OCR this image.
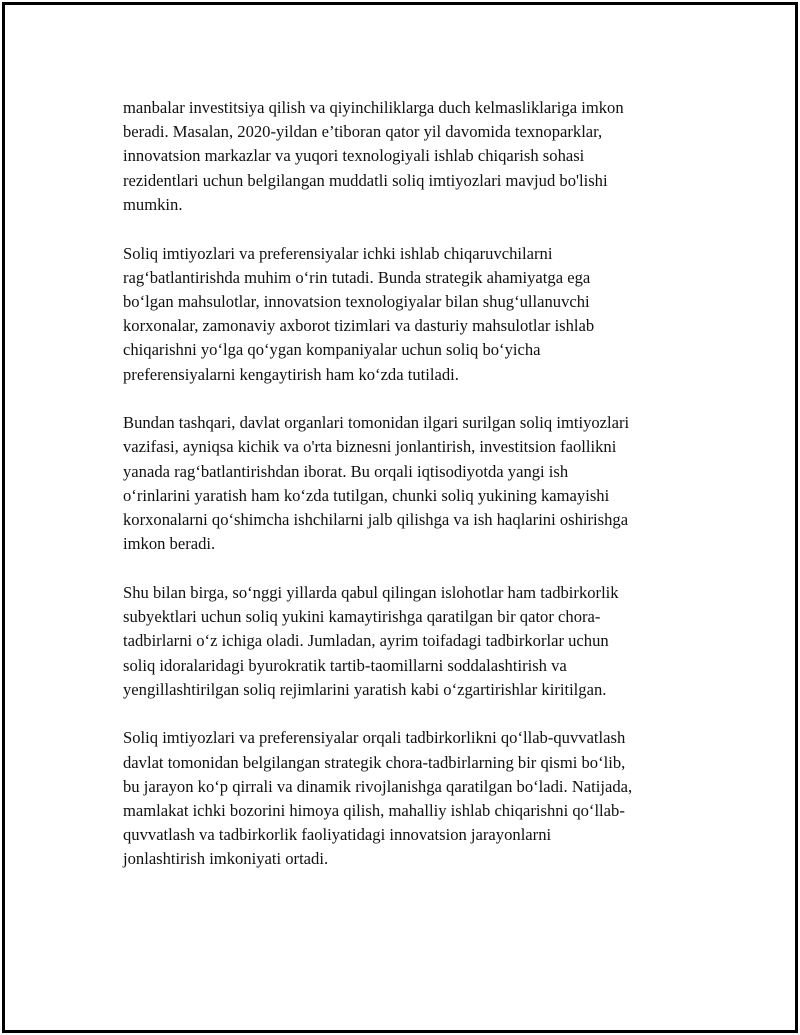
manbalar investitsiya qilish va qiyinchiliklarga duch kelmasliklariga imkon
beradi. Masalan, 2020-yildan e’tiboran qator yil davomida texnoparklar,
innovatsion markazlar va yuqori texnologiyali ishlab chiqarish sohasi
rezidentlari uchun belgilangan muddatli soliq imtiyozlari mavjud bo'lishi
mumkin.

Soliq imtiyozlari va preferensiyalar ichki ishlab chiqaruvchilarni
rag‘batlantirishda muhim o‘rin tutadi. Bunda strategik ahamiyatga ega
bo‘lgan mahsulotlar, innovatsion texnologiyalar bilan shug‘ullanuvchi
korxonalar, zamonaviy axborot tizimlari va dasturiy mahsulotlar ishlab
chiqarishni yo‘lga qo‘ygan kompaniyalar uchun soliq bo‘yicha
preferensiyalarni kengaytirish ham ko‘zda tutiladi.

Bundan tashqari, davlat organlari tomonidan ilgari surilgan soliq imtiyozlari
vazifasi, ayniqsa kichik va o'rta biznesni jonlantirish, investitsion faollikni
yanada rag‘batlantirishdan iborat. Bu orqali iqtisodiyotda yangi ish
o‘rinlarini yaratish ham ko‘zda tutilgan, chunki soliq yukining kamayishi
korxonalarni qo‘shimcha ishchilarni jalb qilishga va ish haqlarini oshirishga
imkon beradi.

Shu bilan birga, so‘nggi yillarda qabul qilingan islohotlar ham tadbirkorlik
subyektlari uchun soliq yukini kamaytirishga qaratilgan bir qator chora-
tadbirlarni o‘z ichiga oladi. Jumladan, ayrim toifadagi tadbirkorlar uchun
soliq idoralaridagi byurokratik tartib-taomillarni soddalashtirish va
yengillashtirilgan soliq rejimlarini yaratish kabi o‘zgartirishlar kiritilgan.

Soliq imtiyozlari va preferensiyalar orqali tadbirkorlikni qo‘llab-quvvatlash
davlat tomonidan belgilangan strategik chora-tadbirlarning bir qismi bo‘lib,
bu jarayon ko‘p qirrali va dinamik rivojlanishga qaratilgan bo‘ladi. Natijada,
mamlakat ichki bozorini himoya qilish, mahalliy ishlab chiqarishni qo‘llab-
quvvatlash va tadbirkorlik faoliyatidagi innovatsion jarayonlarni
jonlashtirish imkoniyati ortadi.
